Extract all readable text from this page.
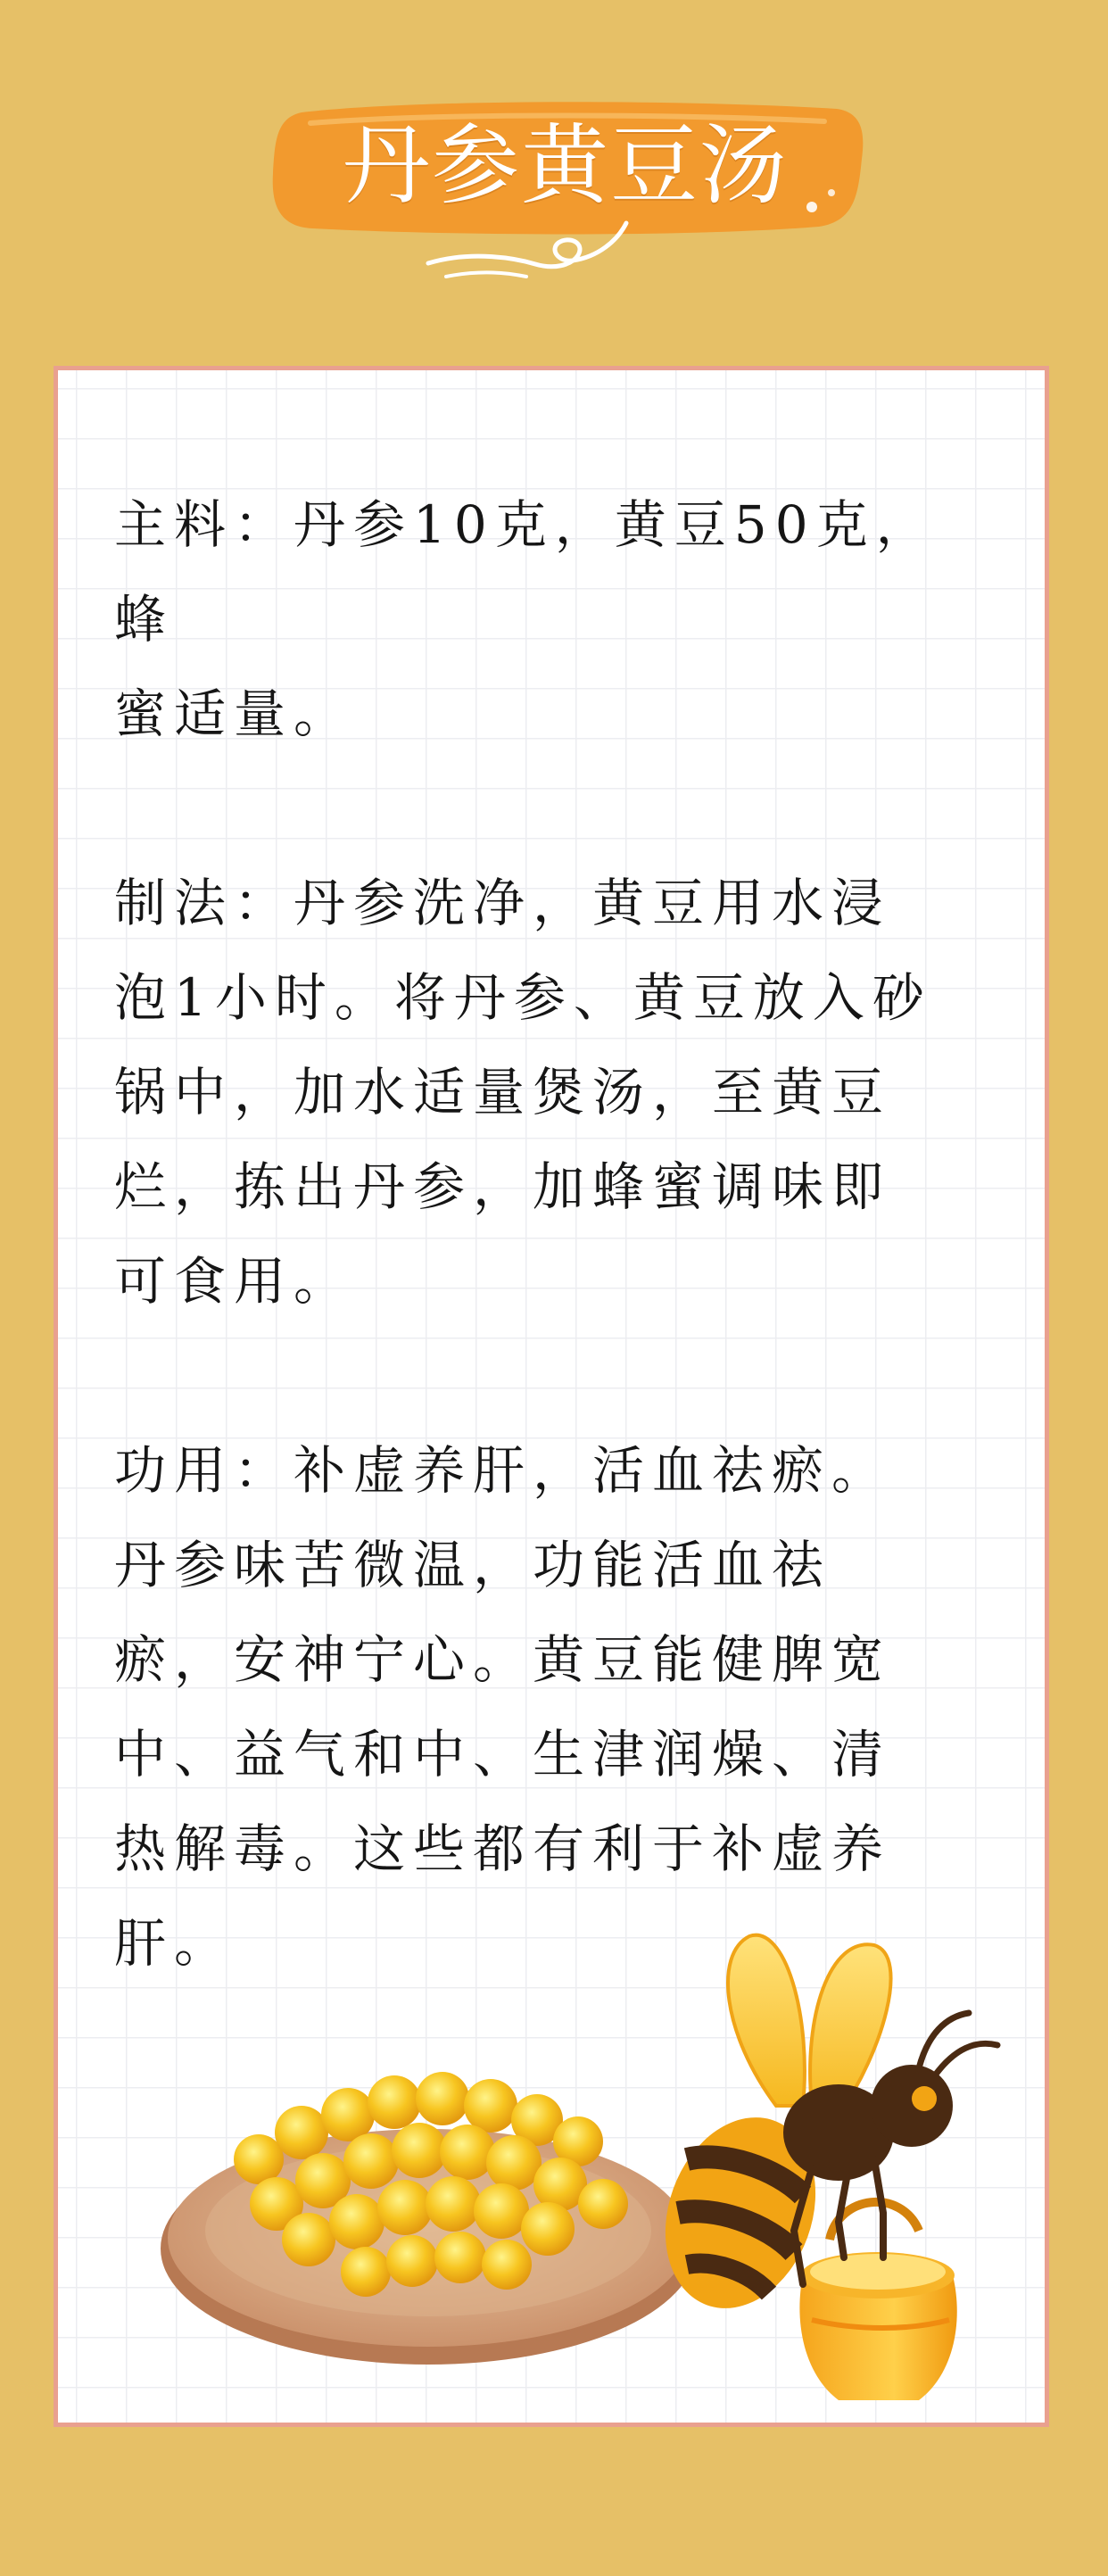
丹参黄豆汤

主料：丹参10克，黄豆50克，蜂
蜜适量。

制法：丹参洗净，黄豆用水浸
泡1小时。将丹参、黄豆放入砂
锅中，加水适量煲汤，至黄豆
烂，拣出丹参，加蜂蜜调味即
可食用。

功用：补虚养肝，活血祛瘀。
丹参味苦微温，功能活血祛
瘀，安神宁心。黄豆能健脾宽
中、益气和中、生津润燥、清
热解毒。这些都有利于补虚养
肝。
